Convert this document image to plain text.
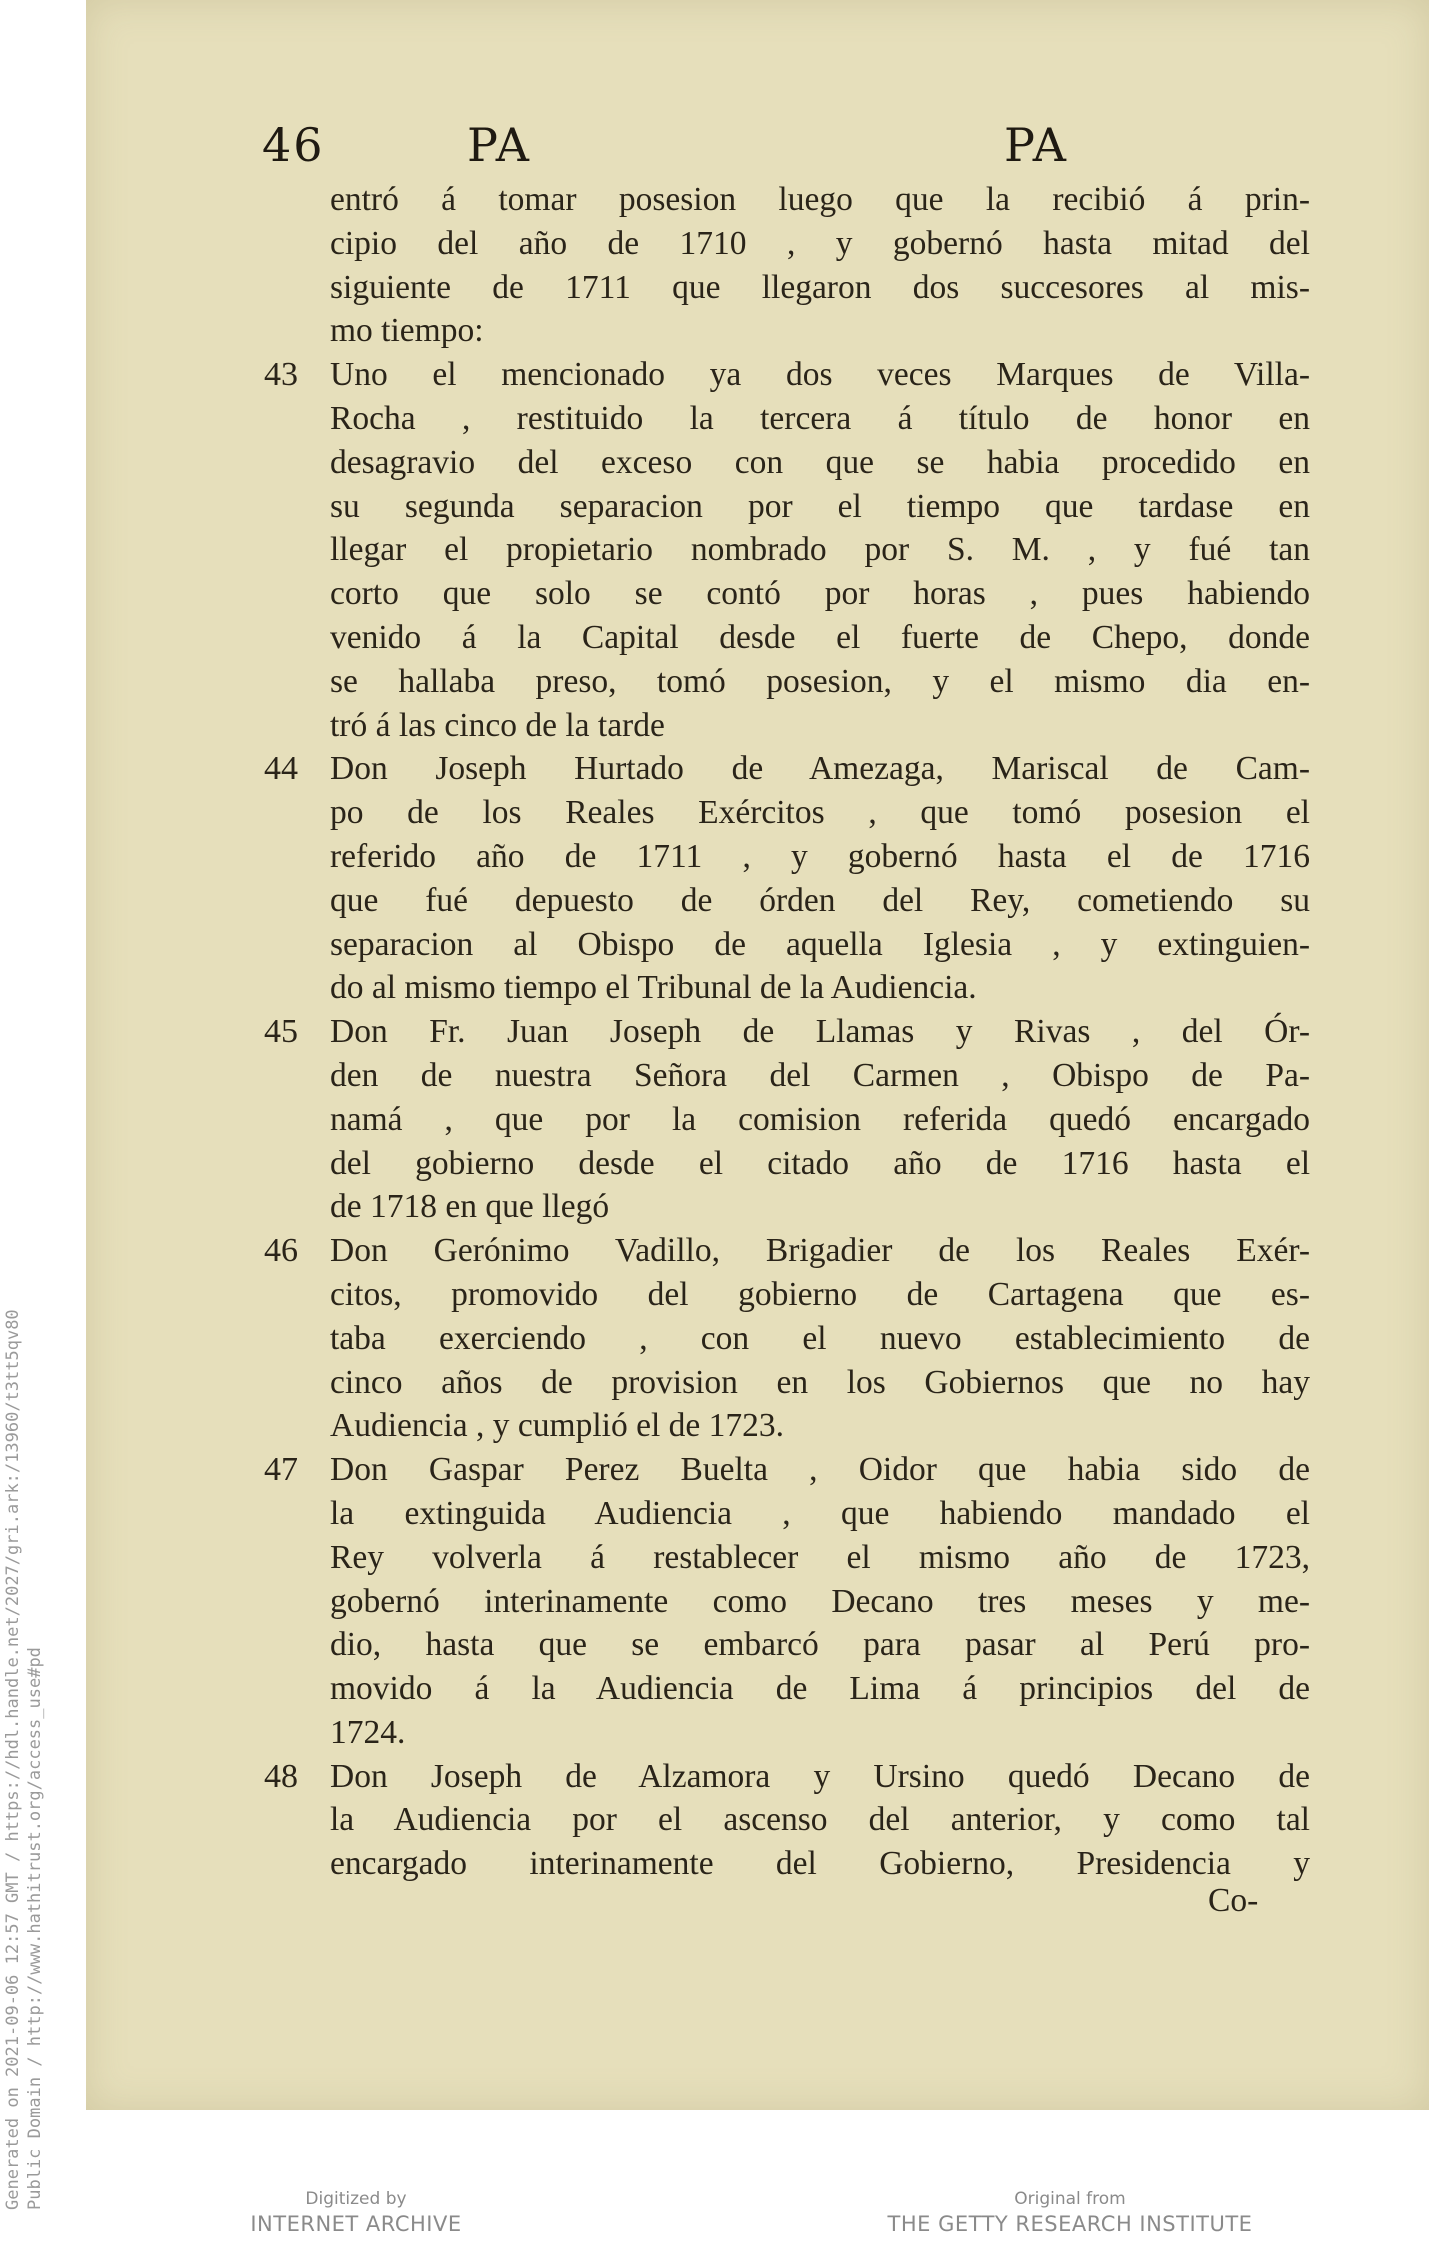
Generated on 2021-09-06 12:57 GMT / https://hdl.handle.net/2027/gri.ark:/13960/t3tt5qv80 Public Domain / http://www.hathitrust.org/access_use#pd
46	PA	PA
entró á tomar posesion luego que la recibió á prin-
cipio del año de 1710 , y gobernó hasta mitad del
siguiente de 1711 que llegaron dos succesores al mis-
mo tiempo:
43 Uno el mencionado ya dos veces Marques de Villa-
Rocha , restituido la tercera á título de honor en
desagravio del exceso con que se habia procedido en
su segunda separacion por el tiempo que tardase en
llegar el propietario nombrado por S. M. , y fué tan
corto que solo se contó por horas , pues habiendo
venido á la Capital desde el fuerte de Chepo, donde
se hallaba preso, tomó posesion, y el mismo dia en-
tró á las cinco de la tarde
44 Don Joseph Hurtado de Amezaga, Mariscal de Cam-
po de los Reales Exércitos , que tomó posesion el
referido año de 1711 , y gobernó hasta el de 1716
que fué depuesto de órden del Rey, cometiendo su
separacion al Obispo de aquella Iglesia , y extinguien-
do al mismo tiempo el Tribunal de la Audiencia.
45 Don Fr. Juan Joseph de Llamas y Rivas , del Ór-
den de nuestra Señora del Carmen , Obispo de Pa-
namá , que por la comision referida quedó encargado
del gobierno desde el citado año de 1716 hasta el
de 1718 en que llegó
46 Don Gerónimo Vadillo, Brigadier de los Reales Exér-
citos, promovido del gobierno de Cartagena que es-
taba exerciendo , con el nuevo establecimiento de
cinco años de provision en los Gobiernos que no hay
Audiencia , y cumplió el de 1723.
47 Don Gaspar Perez Buelta , Oidor que habia sido de
la extinguida Audiencia , que habiendo mandado el
Rey volverla á restablecer el mismo año de 1723,
gobernó interinamente como Decano tres meses y me-
dio, hasta que se embarcó para pasar al Perú pro-
movido á la Audiencia de Lima á principios del de
1724.
48 Don Joseph de Alzamora y Ursino quedó Decano de
la Audiencia por el ascenso del anterior, y como tal
encargado interinamente del Gobierno, Presidencia y
Co-
Digitized by
INTERNET ARCHIVE
Original from
THE GETTY RESEARCH INSTITUTE
